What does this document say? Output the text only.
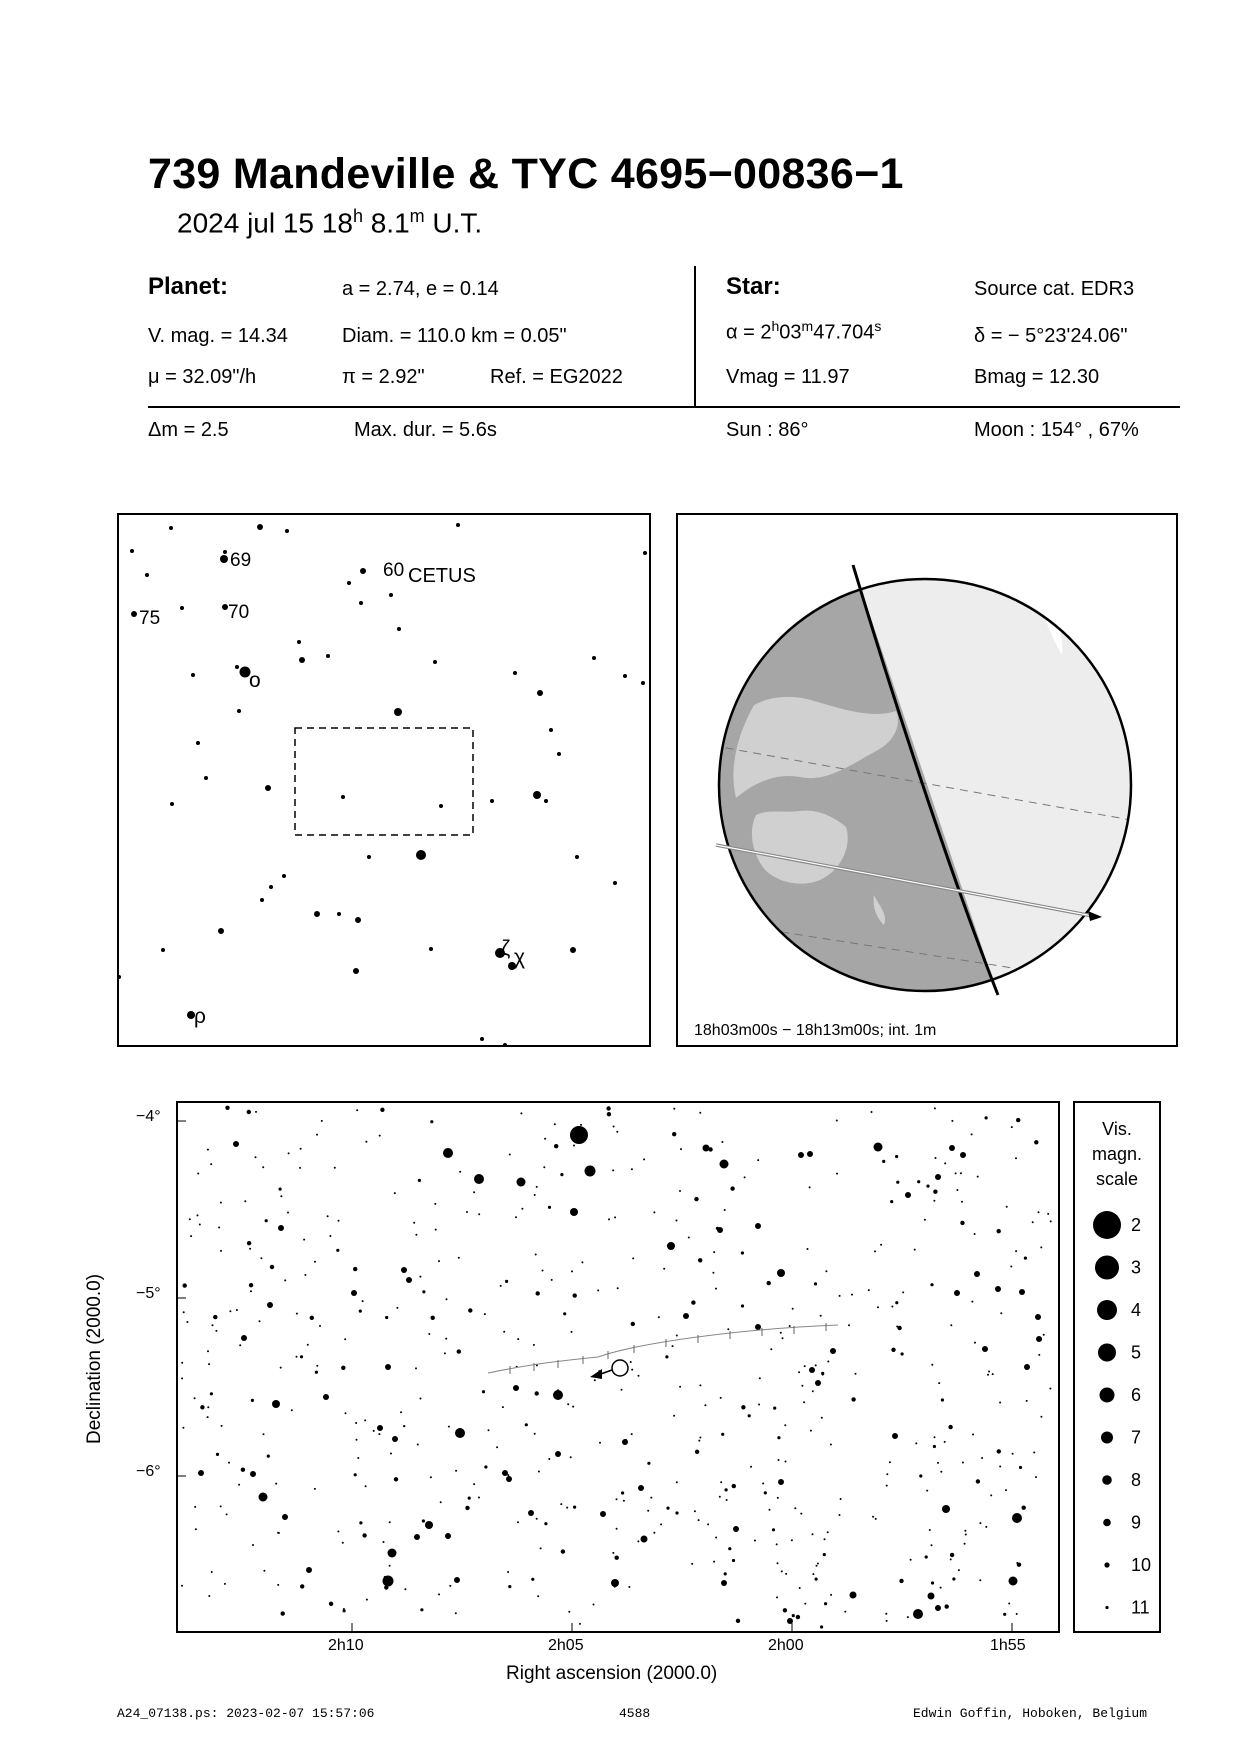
739 Mandeville & TYC 4695−00836−1
2024 jul 15 18$^h$ 8.1$^m$ U.T.
Planet:	a = 2.74, e = 0.14
V. mag. = 14.34	Diam. = 110.0 km = 0.05"
μ = 32.09"/h	π = 2.92"	Ref. = EG2022
Star:	Source cat. EDR3
$\alpha = 2^h03^m47.704^s$	δ = − 5°23'24.06"
Vmag = 11.97	Bmag = 12.30
Δm = 2.5	Max. dur. = 5.6s	Sun : 86°	Moon : 154° , 67%
69
70
75
60 CETUS
ο
ζ χ
ρ
18h03m00s − 18h13m00s; int. 1m
Declination (2000.0)
−4°
−5°
−6°
2h10	2h05	2h00	1h55
Right ascension (2000.0)
Vis.
magn.
scale
2
3
4
5
6
7
8
9
10
11
A24_07138.ps: 2023-02-07 15:57:06	4588	Edwin Goffin, Hoboken, Belgium
